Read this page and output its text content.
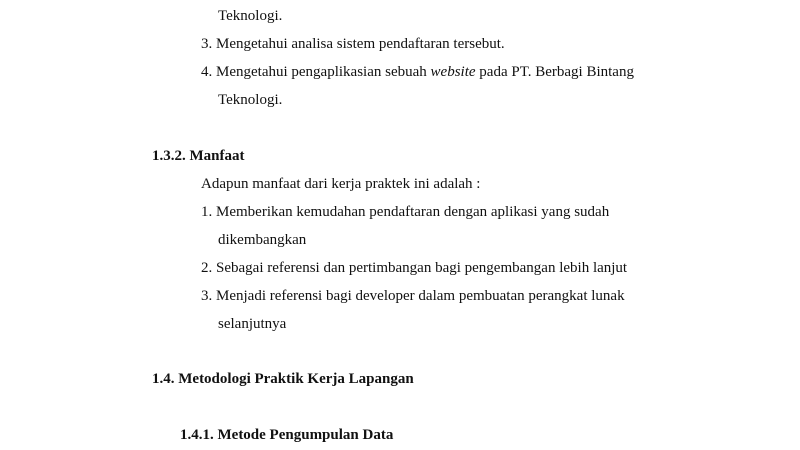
Teknologi.
3. Mengetahui analisa sistem pendaftaran tersebut.
4. Mengetahui pengaplikasian sebuah website pada PT. Berbagi Bintang
Teknologi.
1.3.2. Manfaat
Adapun manfaat dari kerja praktek ini adalah :
1. Memberikan kemudahan pendaftaran dengan aplikasi yang sudah
dikembangkan
2. Sebagai referensi dan pertimbangan bagi pengembangan lebih lanjut
3. Menjadi referensi bagi developer dalam pembuatan perangkat lunak
selanjutnya
1.4. Metodologi Praktik Kerja Lapangan
1.4.1. Metode Pengumpulan Data
